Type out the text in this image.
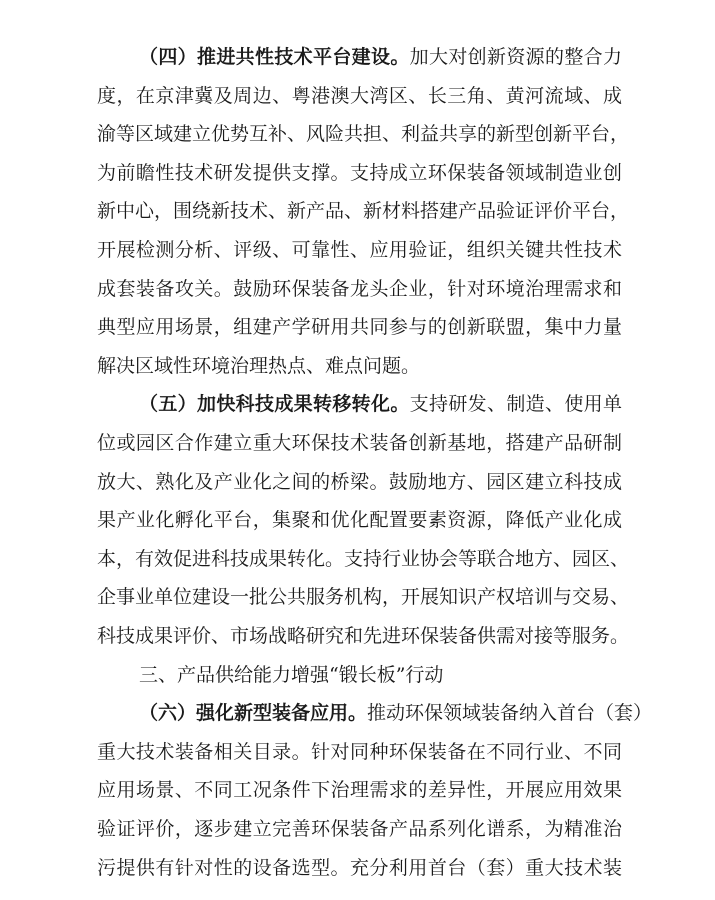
（四）推进共性技术平台建设。加大对创新资源的整合力
度，在京津冀及周边、粤港澳大湾区、长三角、黄河流域、成
渝等区域建立优势互补、风险共担、利益共享的新型创新平台，
为前瞻性技术研发提供支撑。支持成立环保装备领域制造业创
新中心，围绕新技术、新产品、新材料搭建产品验证评价平台，
开展检测分析、评级、可靠性、应用验证，组织关键共性技术
成套装备攻关。鼓励环保装备龙头企业，针对环境治理需求和
典型应用场景，组建产学研用共同参与的创新联盟，集中力量
解决区域性环境治理热点、难点问题。
（五）加快科技成果转移转化。支持研发、制造、使用单
位或园区合作建立重大环保技术装备创新基地，搭建产品研制
放大、熟化及产业化之间的桥梁。鼓励地方、园区建立科技成
果产业化孵化平台，集聚和优化配置要素资源，降低产业化成
本，有效促进科技成果转化。支持行业协会等联合地方、园区、
企事业单位建设一批公共服务机构，开展知识产权培训与交易、
科技成果评价、市场战略研究和先进环保装备供需对接等服务。
三、产品供给能力增强“锻长板”行动
（六）强化新型装备应用。推动环保领域装备纳入首台（套）
重大技术装备相关目录。针对同种环保装备在不同行业、不同
应用场景、不同工况条件下治理需求的差异性，开展应用效果
验证评价，逐步建立完善环保装备产品系列化谱系，为精准治
污提供有针对性的设备选型。充分利用首台（套）重大技术装
